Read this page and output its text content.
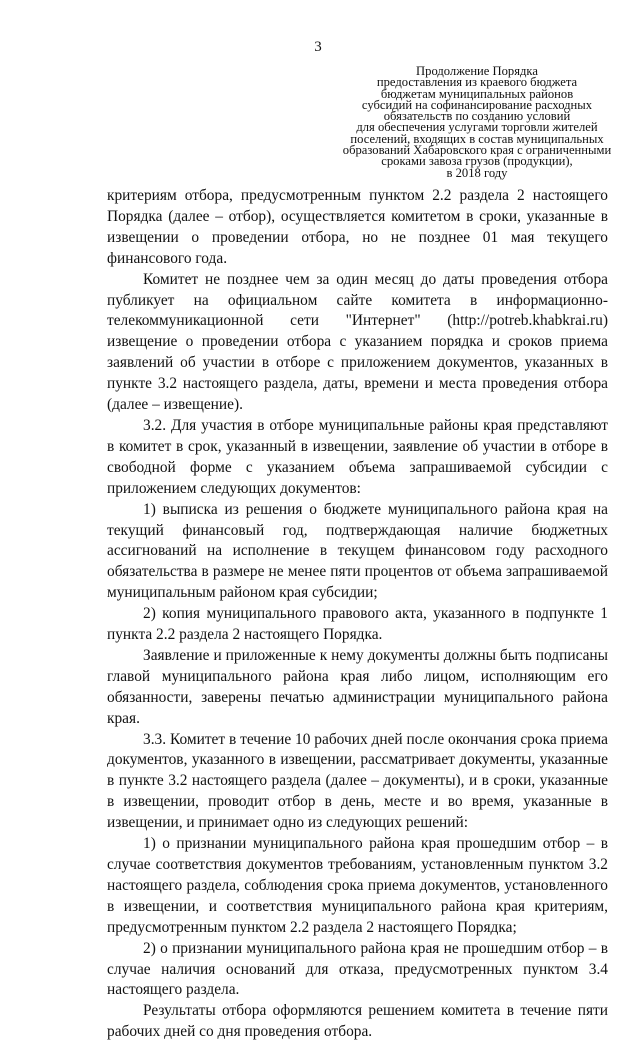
3
Продолжение Порядка
предоставления из краевого бюджета
бюджетам муниципальных районов
субсидий на софинансирование расходных
обязательств по созданию условий
для обеспечения услугами торговли жителей
поселений, входящих в состав муниципальных
образований Хабаровского края с ограниченными
сроками завоза грузов (продукции),
в 2018 году

критериям отбора, предусмотренным пунктом 2.2 раздела 2 настоящего Порядка (далее – отбор), осуществляется комитетом в сроки, указанные в извещении о проведении отбора, но не позднее 01 мая текущего финансового года.

Комитет не позднее чем за один месяц до даты проведения отбора публикует на официальном сайте комитета в информационно-телекоммуникационной сети "Интернет" (http://potreb.khabkrai.ru) извещение о проведении отбора с указанием порядка и сроков приема заявлений об участии в отборе с приложением документов, указанных в пункте 3.2 настоящего раздела, даты, времени и места проведения отбора (далее – извещение).

3.2. Для участия в отборе муниципальные районы края представляют в комитет в срок, указанный в извещении, заявление об участии в отборе в свободной форме с указанием объема запрашиваемой субсидии с приложением следующих документов:

1) выписка из решения о бюджете муниципального района края на текущий финансовый год, подтверждающая наличие бюджетных ассигнований на исполнение в текущем финансовом году расходного обязательства в размере не менее пяти процентов от объема запрашиваемой муниципальным районом края субсидии;

2) копия муниципального правового акта, указанного в подпункте 1 пункта 2.2 раздела 2 настоящего Порядка.

Заявление и приложенные к нему документы должны быть подписаны главой муниципального района края либо лицом, исполняющим его обязанности, заверены печатью администрации муниципального района края.

3.3. Комитет в течение 10 рабочих дней после окончания срока приема документов, указанного в извещении, рассматривает документы, указанные в пункте 3.2 настоящего раздела (далее – документы), и в сроки, указанные в извещении, проводит отбор в день, месте и во время, указанные в извещении, и принимает одно из следующих решений:

1) о признании муниципального района края прошедшим отбор – в случае соответствия документов требованиям, установленным пунктом 3.2 настоящего раздела, соблюдения срока приема документов, установленного в извещении, и соответствия муниципального района края критериям, предусмотренным пунктом 2.2 раздела 2 настоящего Порядка;

2) о признании муниципального района края не прошедшим отбор – в случае наличия оснований для отказа, предусмотренных пунктом 3.4 настоящего раздела.

Результаты отбора оформляются решением комитета в течение пяти рабочих дней со дня проведения отбора.
